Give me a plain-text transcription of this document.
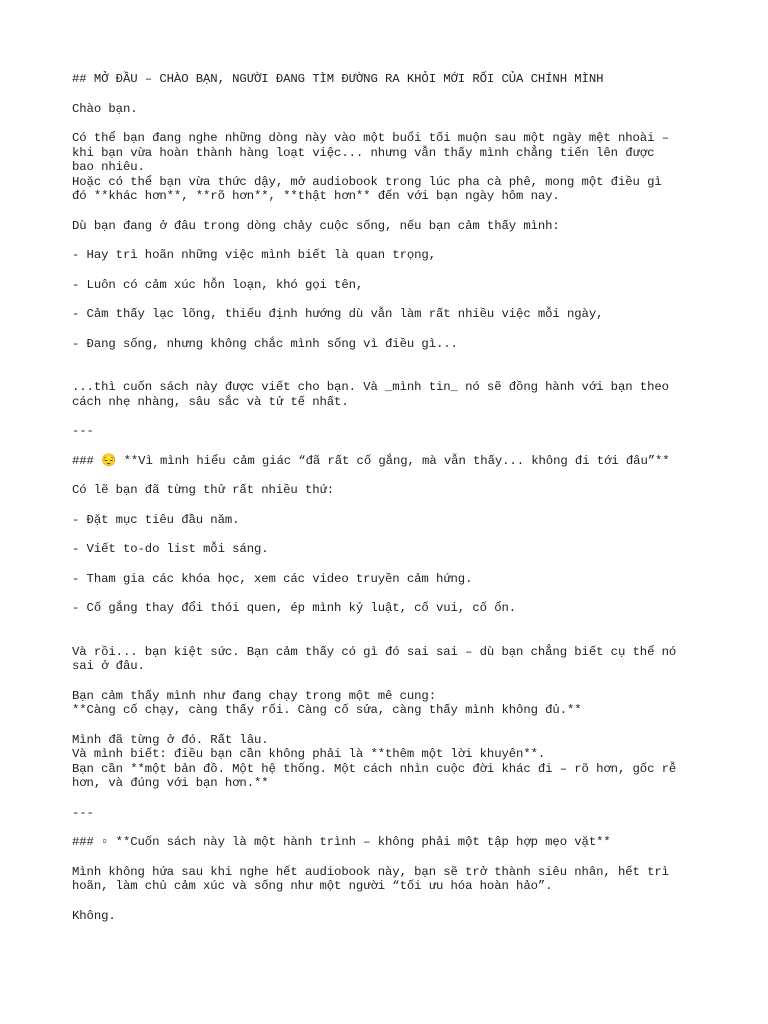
## MỞ ĐẦU – CHÀO BẠN, NGƯỜI ĐANG TÌM ĐƯỜNG RA KHỎI MỚI RỐI CỦA CHÍNH MÌNH
Chào bạn.
Có thể bạn đang nghe những dòng này vào một buổi tối muộn sau một ngày mệt nhoài –
khi bạn vừa hoàn thành hàng loạt việc... nhưng vẫn thấy mình chẳng tiến lên được
bao nhiêu.
Hoặc có thể bạn vừa thức dậy, mở audiobook trong lúc pha cà phê, mong một điều gì
đó **khác hơn**, **rõ hơn**, **thật hơn** đến với bạn ngày hôm nay.
Dù bạn đang ở đâu trong dòng chảy cuộc sống, nếu bạn cảm thấy mình:
- Hay trì hoãn những việc mình biết là quan trọng,
- Luôn có cảm xúc hỗn loạn, khó gọi tên,
- Cảm thấy lạc lõng, thiếu định hướng dù vẫn làm rất nhiều việc mỗi ngày,
- Đang sống, nhưng không chắc mình sống vì điều gì...
...thì cuốn sách này được viết cho bạn. Và _mình tin_ nó sẽ đồng hành với bạn theo
cách nhẹ nhàng, sâu sắc và tử tế nhất.
---
### 😔 **Vì mình hiểu cảm giác “đã rất cố gắng, mà vẫn thấy... không đi tới đâu”**
Có lẽ bạn đã từng thử rất nhiều thứ:
- Đặt mục tiêu đầu năm.
- Viết to-do list mỗi sáng.
- Tham gia các khóa học, xem các video truyền cảm hứng.
- Cố gắng thay đổi thói quen, ép mình kỷ luật, cố vui, cố ổn.
Và rồi... bạn kiệt sức. Bạn cảm thấy có gì đó sai sai – dù bạn chẳng biết cụ thể nó
sai ở đâu.
Bạn cảm thấy mình như đang chạy trong một mê cung:
**Càng cố chạy, càng thấy rối. Càng cố sửa, càng thấy mình không đủ.**
Mình đã từng ở đó. Rất lâu.
Và mình biết: điều bạn cần không phải là **thêm một lời khuyên**.
Bạn cần **một bản đồ. Một hệ thống. Một cách nhìn cuộc đời khác đi – rõ hơn, gốc rễ
hơn, và đúng với bạn hơn.**
---
### ▫ **Cuốn sách này là một hành trình – không phải một tập hợp mẹo vặt**
Mình không hứa sau khi nghe hết audiobook này, bạn sẽ trở thành siêu nhân, hết trì
hoãn, làm chủ cảm xúc và sống như một người “tối ưu hóa hoàn hảo”.
Không.
